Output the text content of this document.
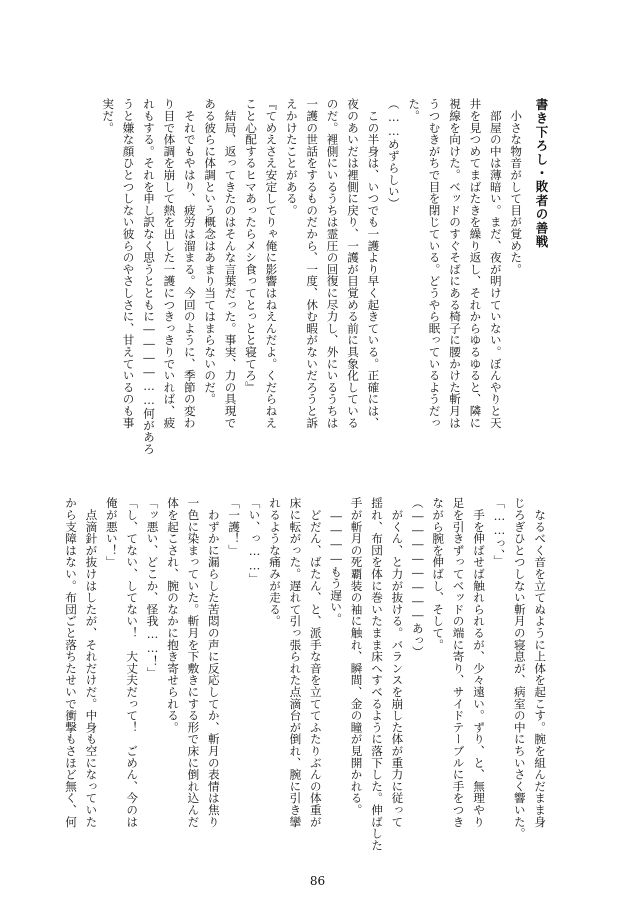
書き下ろし・敗者の善戦
　小さな物音がして目が覚めた。
　部屋の中は薄暗い。まだ、夜が明けていない。ぼんやりと天
井を見つめてまばたきを繰り返し、それからゆるゆると、隣に
視線を向けた。ベッドのすぐそばにある椅子に腰かけた斬月は
うつむきがちで目を閉じている。どうやら眠っているようだっ
た。
（……めずらしい）
　この半身は、いつでも一護より早く起きている。正確には、
夜のあいだは裡側に戻り、一護が目覚める前に具象化している
のだ。裡側にいるうちは霊圧の回復に尽力し、外にいるうちは
一護の世話をするものだから、一度、休む暇がないだろうと訴
えかけたことがある。
『てめえさえ安定してりゃ俺に影響はねえんだよ。くだらねえ
こと心配するヒマあったらメシ食ってとっとと寝てろ』
　結局、返ってきたのはそんな言葉だった。事実、力の具現で
ある彼らに体調という概念はあまり当てはまらないのだ。
　それでもやはり、疲労は溜まる。今回のように、季節の変わ
り目で体調を崩して熱を出した一護につきっきりでいれば、疲
れもする。それを申し訳なく思うとともに――――……何があろ
うと嫌な顔ひとつしない彼らのやさしさに、甘えているのも事
実だ。
　なるべく音を立てぬように上体を起こす。腕を組んだまま身
じろぎひとつしない斬月の寝息が、病室の中にちいさく響いた。
「……っ、」
　手を伸ばせば触れられるが、少々遠い。ずり、と、無理やり
足を引きずってベッドの端に寄り、サイドテーブルに手をつき
ながら腕を伸ばし、そして。
（――――――――あっ）
　がくん、と力が抜ける。バランスを崩した体が重力に従って
揺れ、布団を体に巻いたまま床へすべるように落下した。伸ばした
手が斬月の死覇装の袖に触れ、瞬間、金の瞳が見開かれる。
　――――もう遅い。
　どだん、ばたん、と、派手な音を立ててふたりぶんの体重が
床に転がった。遅れて引っ張られた点滴台が倒れ、腕に引き攣
れるような痛みが走る。
「い、っ……」
「一護！」
　わずかに漏らした苦悶の声に反応してか、斬月の表情は焦り
一色に染まっていた。斬月を下敷きにする形で床に倒れ込んだ
体を起こされ、腕のなかに抱き寄せられる。
「ッ悪い、どこか、怪我……！」
「し、てない、してない！　大丈夫だって！　ごめん、今のは
俺が悪い！」
　点滴針が抜けはしたが、それだけだ。中身も空になっていた
から支障はない。布団ごと落ちたせいで衝撃もさほど無く、何
86
